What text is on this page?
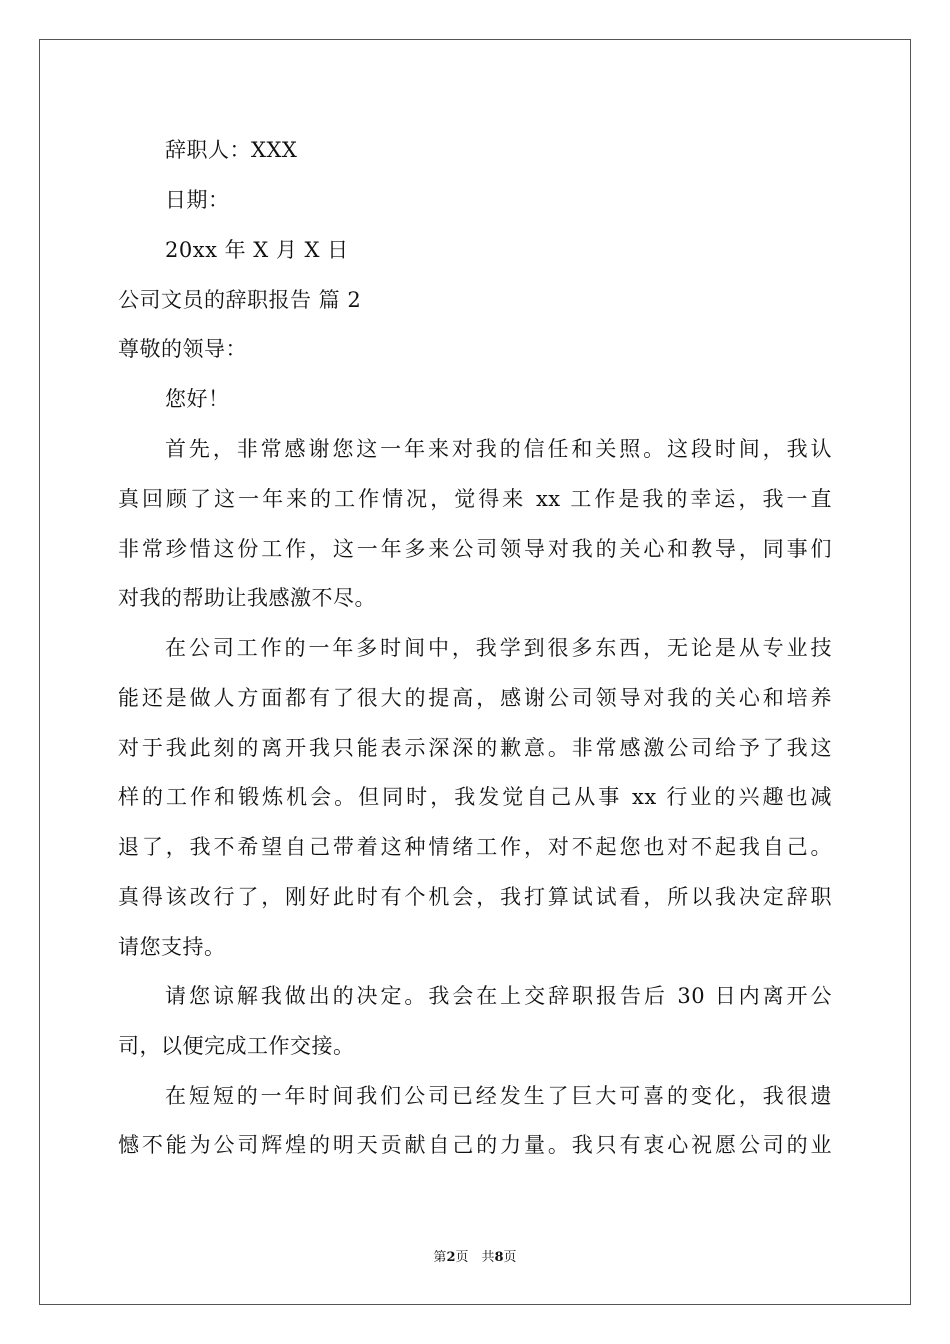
辞职人：XXX
日期：
20xx 年 X 月 X 日
公司文员的辞职报告 篇 2
尊敬的领导：
您好！
首先，非常感谢您这一年来对我的信任和关照。这段时间，我认
真回顾了这一年来的工作情况，觉得来 xx 工作是我的幸运，我一直
非常珍惜这份工作，这一年多来公司领导对我的关心和教导，同事们
对我的帮助让我感激不尽。
在公司工作的一年多时间中，我学到很多东西，无论是从专业技
能还是做人方面都有了很大的提高，感谢公司领导对我的关心和培养
对于我此刻的离开我只能表示深深的歉意。非常感激公司给予了我这
样的工作和锻炼机会。但同时，我发觉自己从事 xx 行业的兴趣也减
退了，我不希望自己带着这种情绪工作，对不起您也对不起我自己。
真得该改行了，刚好此时有个机会，我打算试试看，所以我决定辞职
请您支持。
请您谅解我做出的决定。我会在上交辞职报告后 30 日内离开公
司，以便完成工作交接。
在短短的一年时间我们公司已经发生了巨大可喜的变化，我很遗
憾不能为公司辉煌的明天贡献自己的力量。我只有衷心祝愿公司的业
第2页　共8页
